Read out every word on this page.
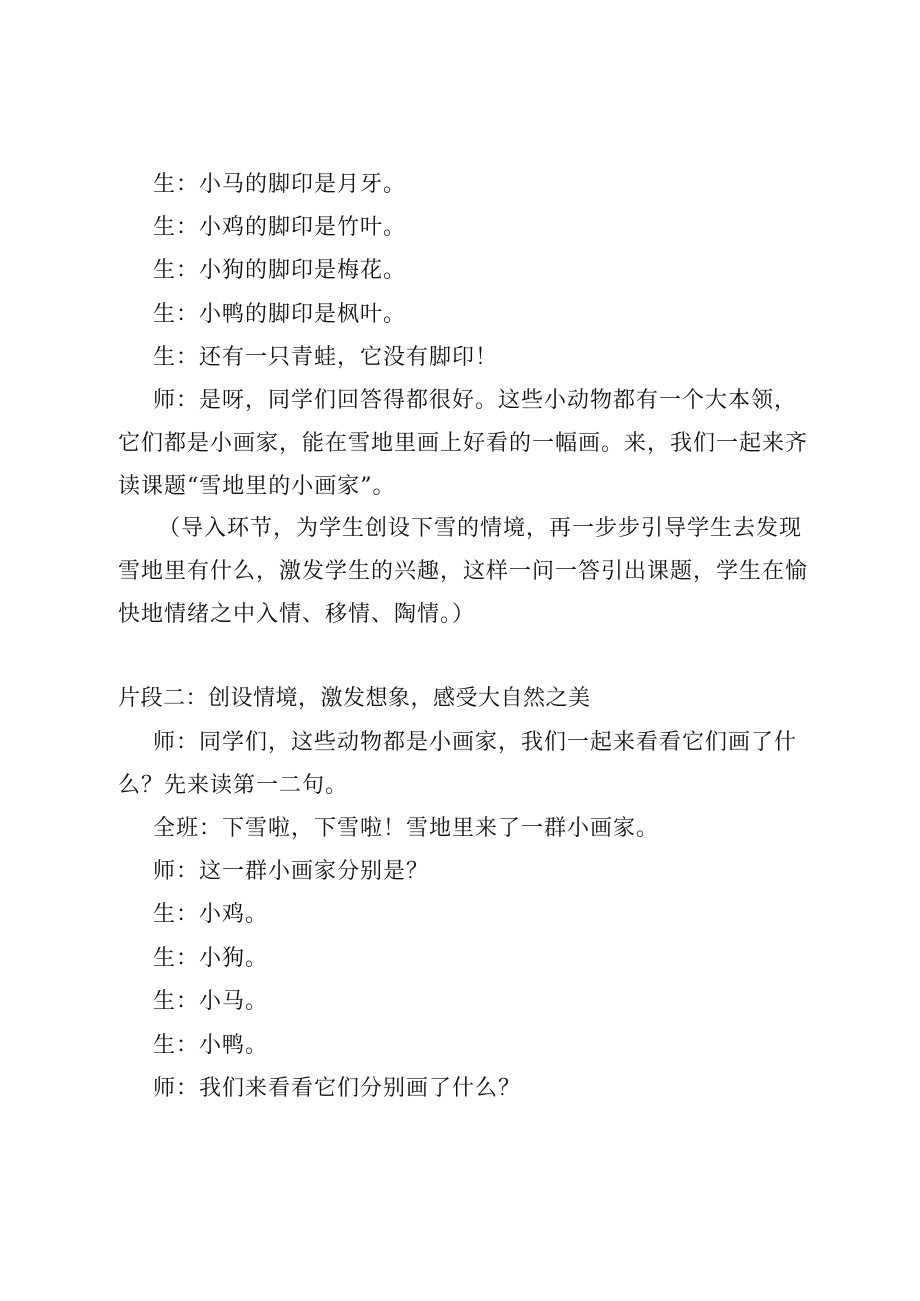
生：小马的脚印是月牙。

生：小鸡的脚印是竹叶。

生：小狗的脚印是梅花。

生：小鸭的脚印是枫叶。

生：还有一只青蛙，它没有脚印！

师：是呀，同学们回答得都很好。这些小动物都有一个大本领，它们都是小画家，能在雪地里画上好看的一幅画。来，我们一起来齐读课题“雪地里的小画家”。

（导入环节，为学生创设下雪的情境，再一步步引导学生去发现雪地里有什么，激发学生的兴趣，这样一问一答引出课题，学生在愉快地情绪之中入情、移情、陶情。）

片段二：创设情境，激发想象，感受大自然之美

师：同学们，这些动物都是小画家，我们一起来看看它们画了什么？先来读第一二句。

全班：下雪啦，下雪啦！雪地里来了一群小画家。

师：这一群小画家分别是？

生：小鸡。

生：小狗。

生：小马。

生：小鸭。

师：我们来看看它们分别画了什么？
